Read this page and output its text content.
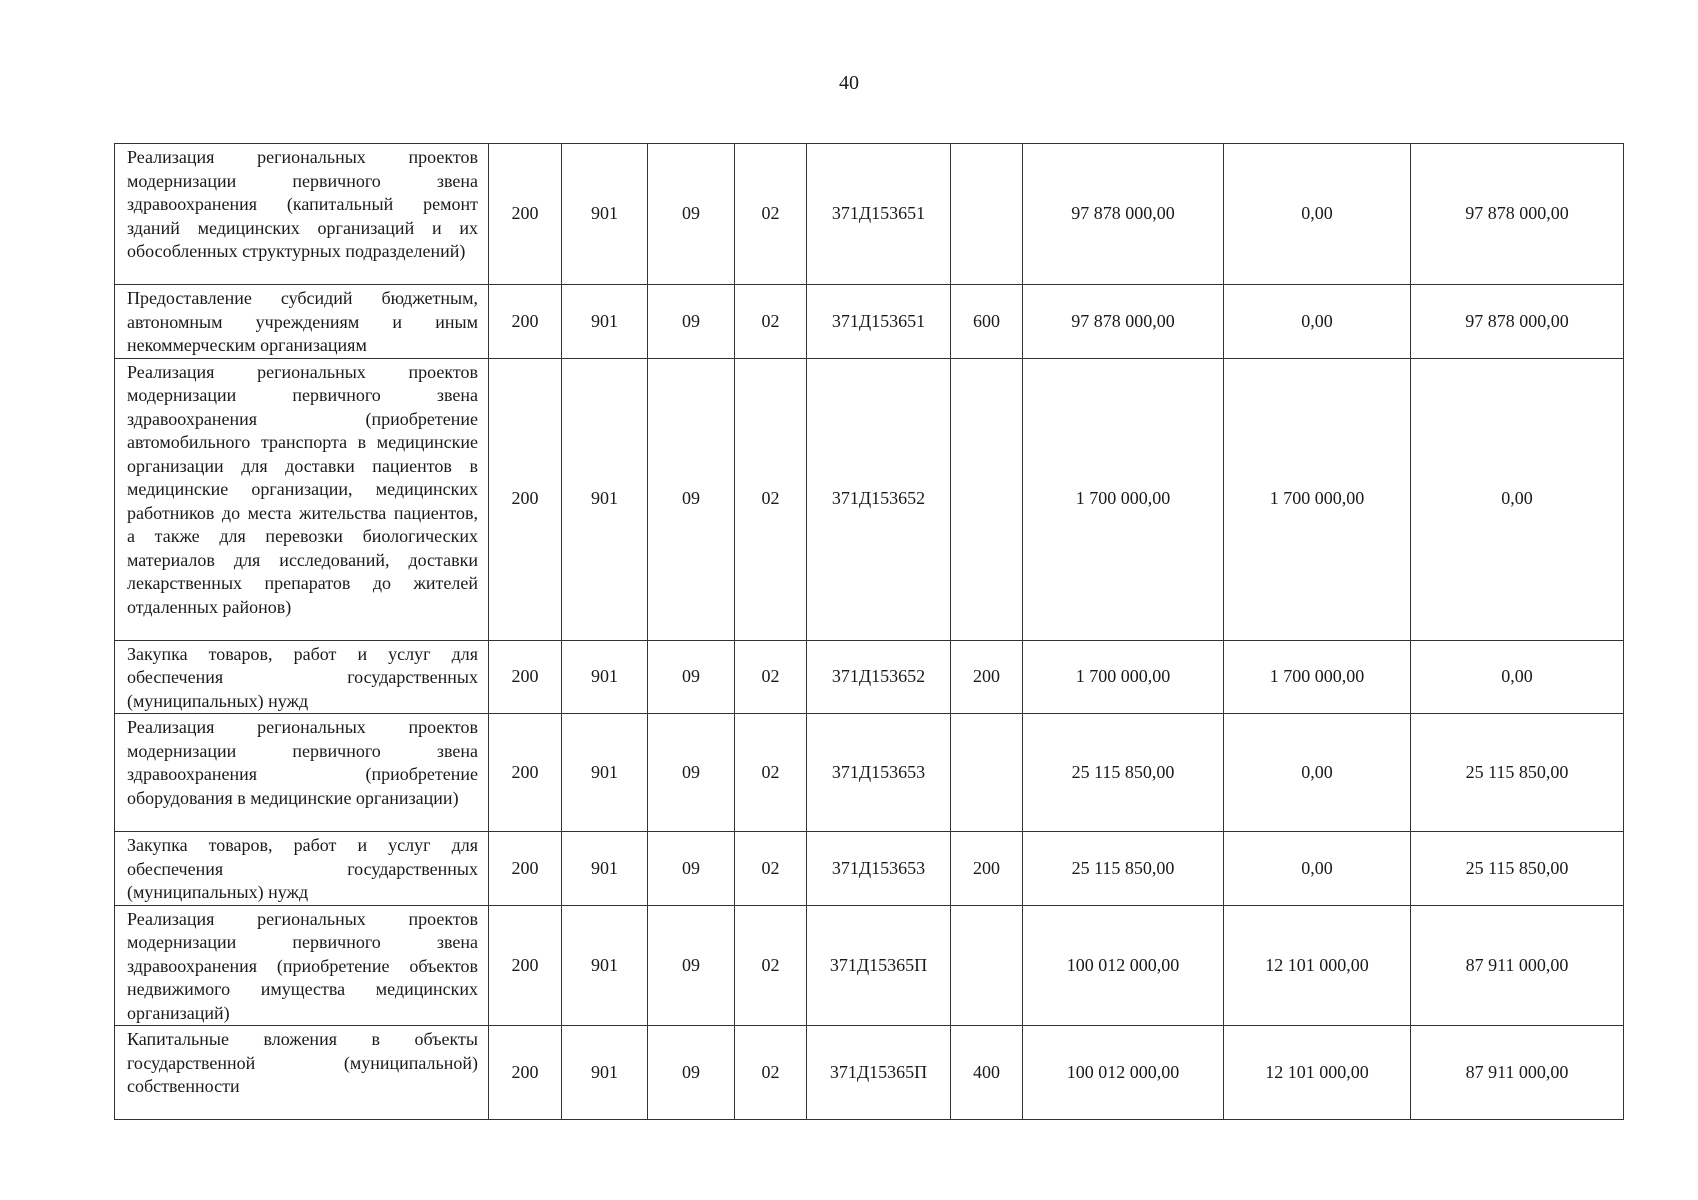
40
Реализация региональных проектов модернизации первичного звена здравоохранения (капитальный ремонт зданий медицинских организаций и их обособленных структурных подразделений)	200	901	09	02	371Д153651		97 878 000,00	0,00	97 878 000,00
Предоставление субсидий бюджетным, автономным учреждениям и иным некоммерческим организациям	200	901	09	02	371Д153651	600	97 878 000,00	0,00	97 878 000,00
Реализация региональных проектов модернизации первичного звена здравоохранения (приобретение автомобильного транспорта в медицинские организации для доставки пациентов в медицинские организации, медицинских работников до места жительства пациентов, а также для перевозки биологических материалов для исследований, доставки лекарственных препаратов до жителей отдаленных районов)	200	901	09	02	371Д153652		1 700 000,00	1 700 000,00	0,00
Закупка товаров, работ и услуг для обеспечения государственных (муниципальных) нужд	200	901	09	02	371Д153652	200	1 700 000,00	1 700 000,00	0,00
Реализация региональных проектов модернизации первичного звена здравоохранения (приобретение оборудования в медицинские организации)	200	901	09	02	371Д153653		25 115 850,00	0,00	25 115 850,00
Закупка товаров, работ и услуг для обеспечения государственных (муниципальных) нужд	200	901	09	02	371Д153653	200	25 115 850,00	0,00	25 115 850,00
Реализация региональных проектов модернизации первичного звена здравоохранения (приобретение объектов недвижимого имущества медицинских организаций)	200	901	09	02	371Д15365П		100 012 000,00	12 101 000,00	87 911 000,00
Капитальные вложения в объекты государственной (муниципальной) собственности	200	901	09	02	371Д15365П	400	100 012 000,00	12 101 000,00	87 911 000,00
